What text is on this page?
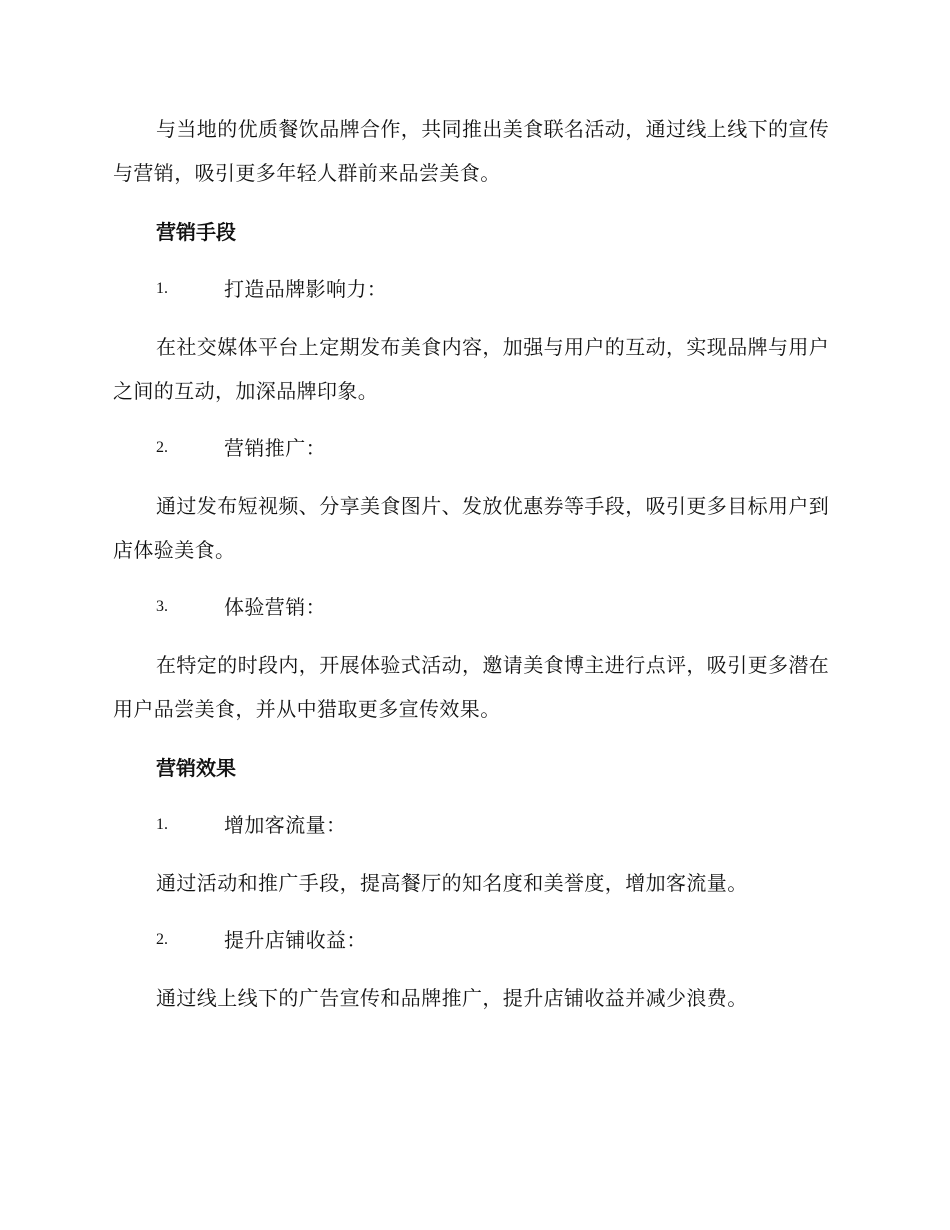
与当地的优质餐饮品牌合作，共同推出美食联名活动，通过线上线下的宣传与营销，吸引更多年轻人群前来品尝美食。

营销手段
1.	打造品牌影响力：

在社交媒体平台上定期发布美食内容，加强与用户的互动，实现品牌与用户之间的互动，加深品牌印象。

2.	营销推广：

通过发布短视频、分享美食图片、发放优惠券等手段，吸引更多目标用户到店体验美食。

3.	体验营销：

在特定的时段内，开展体验式活动，邀请美食博主进行点评，吸引更多潜在用户品尝美食，并从中猎取更多宣传效果。

营销效果
1.	增加客流量：

通过活动和推广手段，提高餐厅的知名度和美誉度，增加客流量。

2.	提升店铺收益：

通过线上线下的广告宣传和品牌推广，提升店铺收益并减少浪费。
